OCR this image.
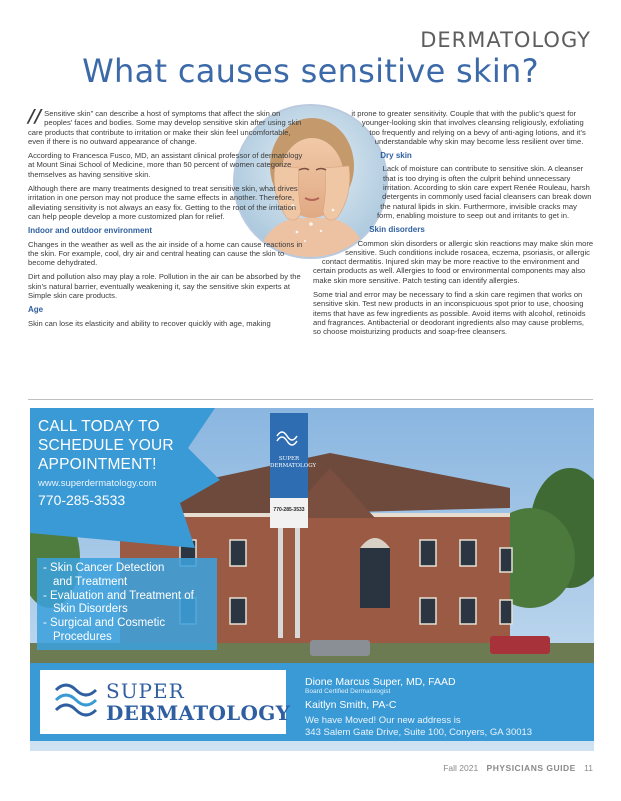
DERMATOLOGY
What causes sensitive skin?

// Sensitive skin” can describe a host of symptoms that affect the skin on peoples’ faces and bodies. Some may develop sensitive skin after using skin care products that contribute to irritation or make their skin feel uncomfortable, even if there is no outward appearance of change.

According to Francesca Fusco, MD, an assistant clinical professor of dermatology at Mount Sinai School of Medicine, more than 50 percent of women categorize themselves as having sensitive skin.

Although there are many treatments designed to treat sensitive skin, what drives irritation in one person may not produce the same effects in another. Therefore, alleviating sensitivity is not always an easy fix. Getting to the root of the irritation can help people develop a more customized plan for relief.

Indoor and outdoor environment

Changes in the weather as well as the air inside of a home can cause reactions in the skin. For example, cool, dry air and central heating can cause the skin to become dehydrated.

Dirt and pollution also may play a role. Pollution in the air can be absorbed by the skin’s natural barrier, eventually weakening it, say the sensitive skin experts at Simple skin care products.

Age

Skin can lose its elasticity and ability to recover quickly with age, making

it prone to greater sensitivity. Couple that with the public’s quest for younger-looking skin that involves cleansing religiously, exfoliating too frequently and relying on a bevy of anti-aging lotions, and it’s understandable why skin may become less resilient over time.

Dry skin

Lack of moisture can contribute to sensitive skin. A cleanser that is too drying is often the culprit behind unnecessary irritation. According to skin care expert Renée Rouleau, harsh detergents in commonly used facial cleansers can break down the natural lipids in skin. Furthermore, invisible cracks may form, enabling moisture to seep out and irritants to get in.

Skin disorders

Common skin disorders or allergic skin reactions may make skin more sensitive. Such conditions include rosacea, eczema, psoriasis, or allergic contact dermatitis. Injured skin may be more reactive to the environment and certain products as well. Allergies to food or environmental components may also make skin more sensitive. Patch testing can identify allergies.

Some trial and error may be necessary to find a skin care regimen that works on sensitive skin. Test new products in an inconspicuous spot prior to use, choosing items that have as few ingredients as possible. Avoid items with alcohol, retinoids and fragrances. Antibacterial or deodorant ingredients also may cause problems, so choose moisturizing products and soap-free cleansers.

SUPER
DERMATOLOGY
770-285-3533
CALL TODAY TO
SCHEDULE YOUR
APPOINTMENT!
www.superdermatology.com
770-285-3533
- Skin Cancer Detection
and Treatment
- Evaluation and Treatment of
Skin Disorders
- Surgical and Cosmetic
Procedures
SUPER
DERMATOLOGY
Dione Marcus Super, MD, FAAD
Board Certified Dermatologist
Kaitlyn Smith, PA-C
We have Moved! Our new address is
343 Salem Gate Drive, Suite 100, Conyers, GA 30013
Fall 2021 PHYSICIANS GUIDE 11
